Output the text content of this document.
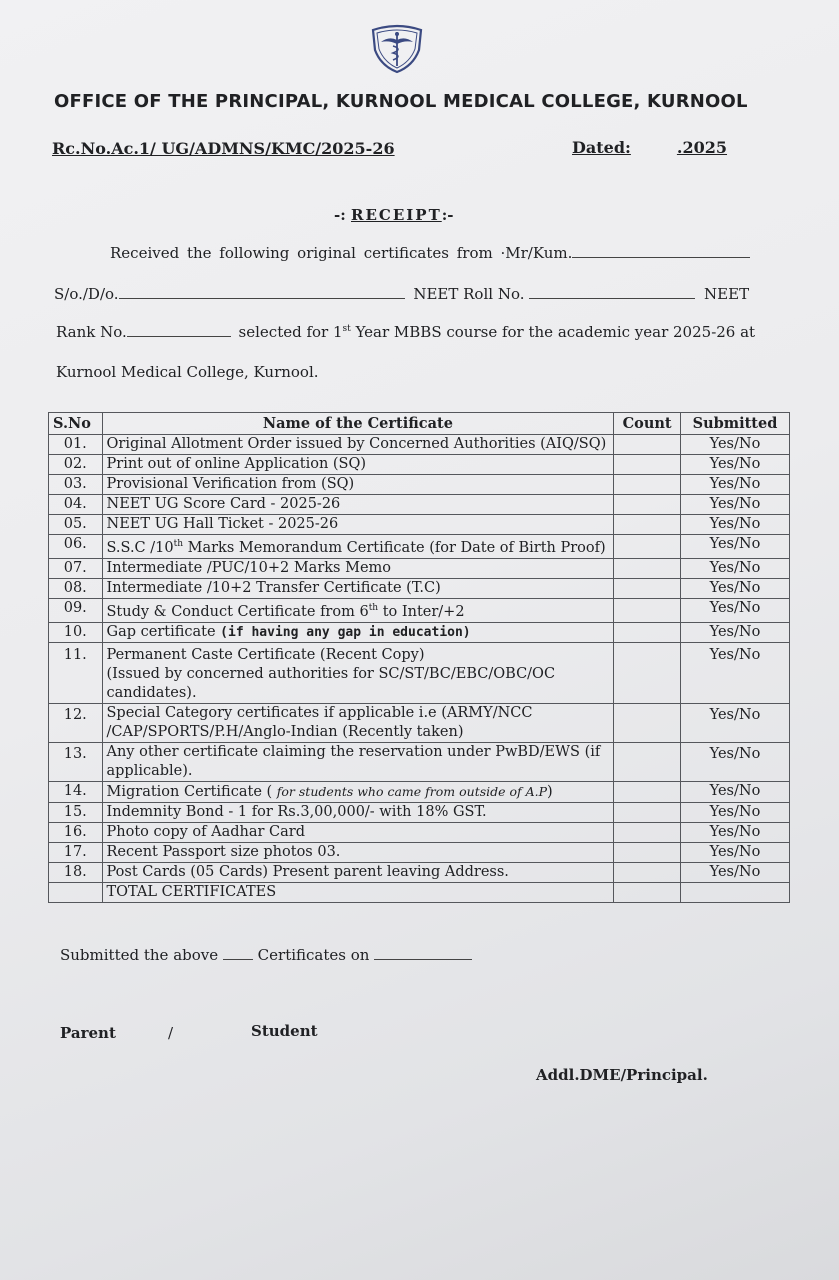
OFFICE OF THE PRINCIPAL, KURNOOL MEDICAL COLLEGE, KURNOOL
Rc.No.Ac.1/ UG/ADMNS/KMC/2025-26	Dated:	.2025
-: RECEIPT:-
Received the following original certificates from ·Mr/Kum.
S/o./D/o.	NEET Roll No.	NEET
Rank No.	selected for 1st Year MBBS course for the academic year 2025-26 at
Kurnool Medical College, Kurnool.
S.No	Name of the Certificate	Count	Submitted
01.	Original Allotment Order issued by Concerned Authorities (AIQ/SQ)		Yes/No
02.	Print out of online Application (SQ)		Yes/No
03.	Provisional Verification from (SQ)		Yes/No
04.	NEET UG Score Card - 2025-26		Yes/No
05.	NEET UG Hall Ticket - 2025-26		Yes/No
06.	S.S.C /10th Marks Memorandum Certificate (for Date of Birth Proof)		Yes/No
07.	Intermediate /PUC/10+2 Marks Memo		Yes/No
08.	Intermediate /10+2 Transfer Certificate (T.C)		Yes/No
09.	Study & Conduct Certificate from 6th to Inter/+2		Yes/No
10.	Gap certificate (if having any gap in education)		Yes/No
11.	Permanent Caste Certificate (Recent Copy)
(Issued by concerned authorities for SC/ST/BC/EBC/OBC/OC
candidates).		Yes/No
12.	Special Category certificates if applicable i.e (ARMY/NCC
/CAP/SPORTS/P.H/Anglo-Indian (Recently taken)		Yes/No
13.	Any other certificate claiming the reservation under PwBD/EWS (if
applicable).		Yes/No
14.	Migration Certificate ( for students who came from outside of A.P)		Yes/No
15.	Indemnity Bond - 1 for Rs.3,00,000/- with 18% GST.		Yes/No
16.	Photo copy of Aadhar Card		Yes/No
17.	Recent Passport size photos 03.		Yes/No
18.	Post Cards (05 Cards) Present parent leaving Address.		Yes/No
	TOTAL CERTIFICATES		
Submitted the above  Certificates on
Parent	/	Student
Addl.DME/Principal.
